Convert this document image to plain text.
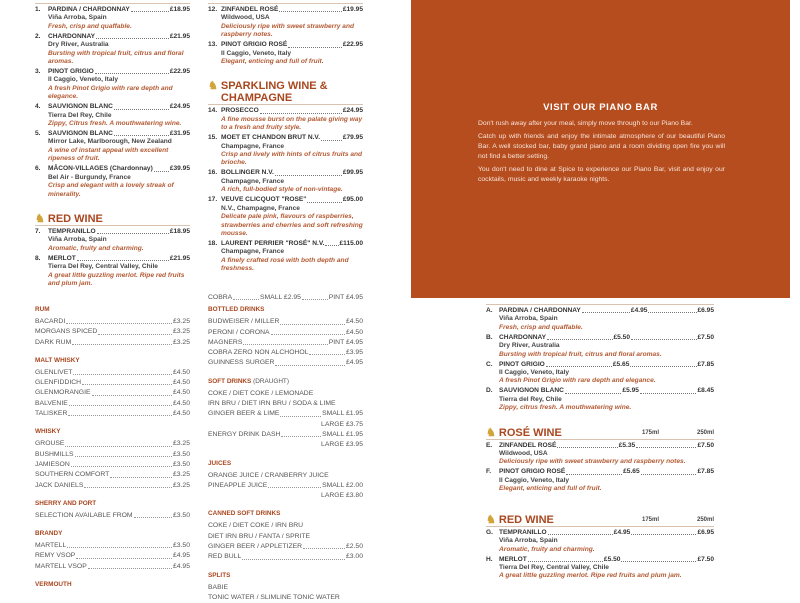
1.	PARDINA / CHARDONNAY	£18.95
Viña Arroba, Spain
Fresh, crisp and quaffable.
2.	CHARDONNAY	£21.95
Dry River, Australia
Bursting with tropical fruit, citrus and floral aromas.
3.	PINOT GRIGIO	£22.95
Il Caggio, Veneto, Italy
A fresh Pinot Grigio with rare depth and elegance.
4.	SAUVIGNON BLANC	£24.95
Tierra Del Rey, Chile
Zippy, Citrus fresh. A mouthwatering wine.
5.	SAUVIGNON BLANC	£31.95
Mirror Lake, Marlborough, New Zealand
A wine of instant appeal with excellent ripeness of fruit.
6.	MÂCON-VILLAGES (Chardonnay)	£39.95
Bel Air - Burgundy, France
Crisp and elegant with a lovely streak of minerality.
♞ RED WINE
7.	TEMPRANILLO	£18.95
Viña Arroba, Spain
Aromatic, fruity and charming.
8.	MERLOT	£21.95
Tierra Del Rey, Central Valley, Chile
A great little guzzling merlot. Ripe red fruits and plum jam.
12. ZINFANDEL ROSÉ	£19.95
Wildwood, USA
Deliciously ripe with sweet strawberry and raspberry notes.
13. PINOT GRIGIO ROSÉ	£22.95
Il Caggio, Veneto, Italy
Elegant, enticing and full of fruit.
♞ SPARKLING WINE & CHAMPAGNE
14. PROSECCO	£24.95
A fine mousse burst on the palate giving way to a fresh and fruity style.
15. MOET ET CHANDON BRUT N.V.	£79.95
Champagne, France
Crisp and lively with hints of citrus fruits and brioche.
16. BOLLINGER N.V.	£99.95
Champagne, France
A rich, full-bodied style of non-vintage.
17. VEUVE CLICQUOT "ROSE"	£95.00
N.V., Champagne, France
Delicate pale pink, flavours of raspberries, strawberries and cherries and soft refreshing mousse.
18. LAURENT PERRIER "ROSÉ" N.V. £115.00
Champagne, France
A finely crafted rosé with both depth and freshness.
RUM
BACARDI	£3.25
MORGANS SPICED	£3.25
DARK RUM	£3.25
MALT WHISKY
GLENLIVET	£4.50
GLENFIDDICH	£4.50
GLENMORANGIE	£4.50
BALVENIE	£4.50
TALISKER	£4.50
WHISKY
GROUSE	£3.25
BUSHMILLS	£3.50
JAMIESON	£3.50
SOUTHERN COMFORT	£3.25
JACK DANIELS	£3.25
SHERRY AND PORT
SELECTION AVAILABLE FROM	£3.50
BRANDY
MARTELL	£3.50
REMY VSOP	£4.95
MARTELL VSOP	£4.95
VERMOUTH
COBRA	SMALL £2.95	PINT £4.95
BOTTLED DRINKS
BUDWEISER / MILLER	£4.50
PERONI / CORONA	£4.50
MAGNERS	PINT £4.95
COBRA ZERO NON ALCHOHOL	£3.95
GUINNESS SURGER	£4.95
SOFT DRINKS (DRAUGHT)
COKE / DIET COKE / LEMONADE
IRN BRU / DIET IRN BRU / SODA & LIME
GINGER BEER & LIME	SMALL £1.95
LARGE £3.75
ENERGY DRINK DASH	SMALL £1.95
LARGE £3.95
JUICES
ORANGE JUICE / CRANBERRY JUICE
PINEAPPLE JUICE	SMALL £2.00
LARGE £3.80
CANNED SOFT DRINKS
COKE / DIET COKE / IRN BRU
DIET IRN BRU / FANTA / SPRITE
GINGER BEER / APPLETIZER	£2.50
RED BULL	£3.00
SPLITS
BABIE
TONIC WATER / SLIMLINE TONIC WATER
VISIT OUR PIANO BAR

Don't rush away after your meal, simply move through to our Piano Bar.

Catch up with friends and enjoy the intimate atmosphere of our beautiful Piano Bar. A well stocked bar, baby grand piano and a room dividing open fire you will not find a better setting.

You don't need to dine at Spice to experience our Piano Bar, visit and enjoy our cocktails, music and weekly karaoke nights.

A. PARDINA / CHARDONNAY	£4.95	£6.95
Viña Arroba, Spain
Fresh, crisp and quaffable.
B. CHARDONNAY	£5.50	£7.50
Dry River, Australia
Bursting with tropical fruit, citrus and floral aromas.
C. PINOT GRIGIO	£5.65	£7.85
Il Caggio, Veneto, Italy
A fresh Pinot Grigio with rare depth and elegance.
D. SAUVIGNON BLANC	£5.95	£8.45
Tierra del Rey, Chile
Zippy, citrus fresh. A mouthwatering wine.
♞ ROSÉ WINE	175ml	250ml
E.	ZINFANDEL ROSÉ	£5.35	£7.50
Wildwood, USA
Deliciously ripe with sweet strawberry and raspberry notes.
F.	PINOT GRIGIO ROSÉ	£5.65	£7.85
Il Caggio, Veneto, Italy
Elegant, enticing and full of fruit.
♞ RED WINE	175ml	250ml
G. TEMPRANILLO	£4.95	£6.95
Viña Arroba, Spain
Aromatic, fruity and charming.
H. MERLOT	£5.50	£7.50
Tierra Del Rey, Central Valley, Chile
A great little guzzling merlot. Ripe red fruits and plum jam.
